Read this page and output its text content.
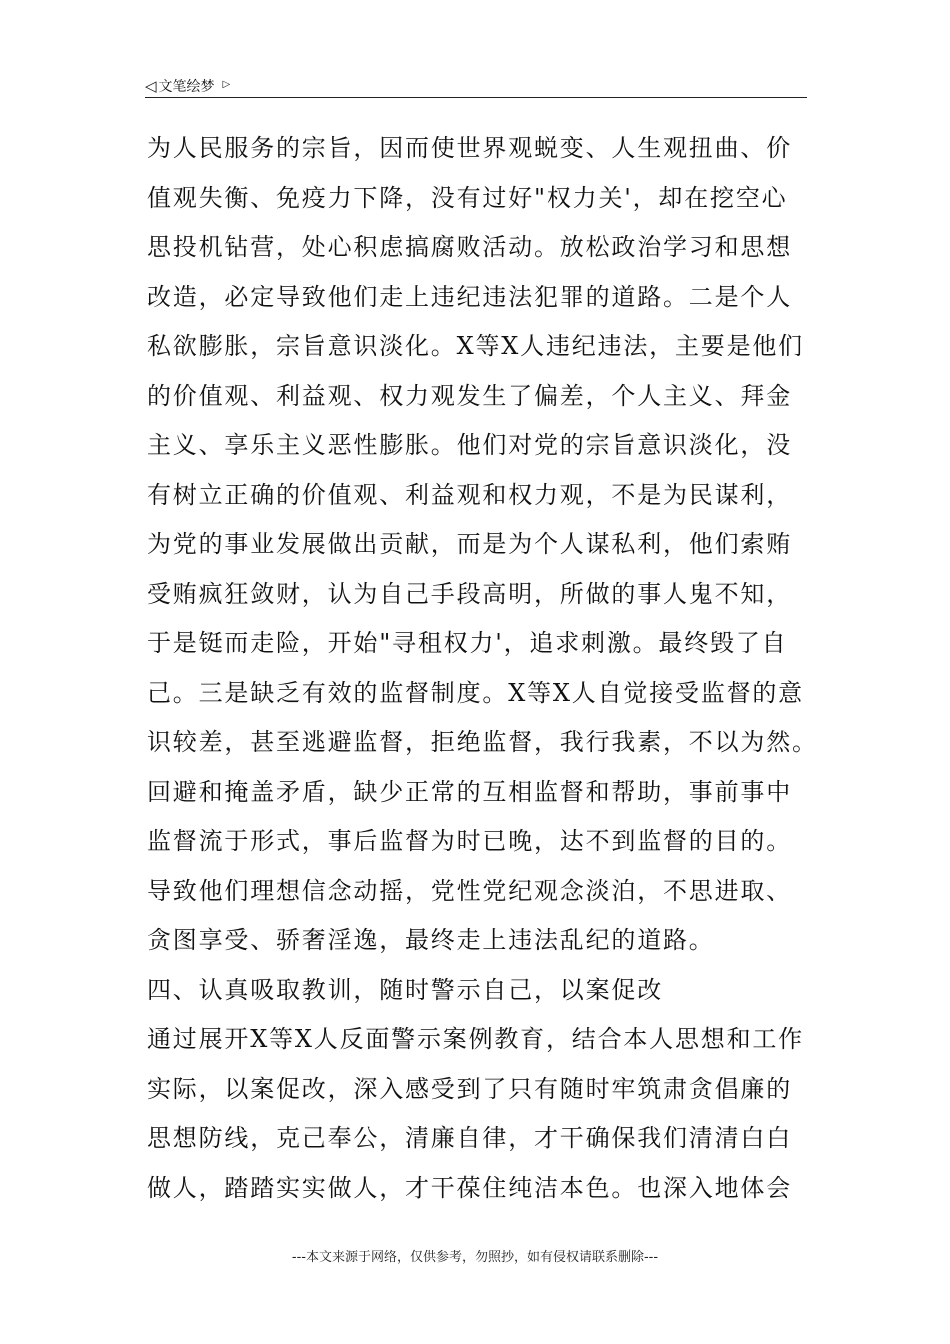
◁ 文笔绘梦 ▷
为人民服务的宗旨，因而使世界观蜕变、人生观扭曲、价
值观失衡、免疫力下降，没有过好"权力关'，却在挖空心
思投机钻营，处心积虑搞腐败活动。放松政治学习和思想
改造，必定导致他们走上违纪违法犯罪的道路。二是个人
私欲膨胀，宗旨意识淡化。X等X人违纪违法，主要是他们
的价值观、利益观、权力观发生了偏差，个人主义、拜金
主义、享乐主义恶性膨胀。他们对党的宗旨意识淡化，没
有树立正确的价值观、利益观和权力观，不是为民谋利，
为党的事业发展做出贡献，而是为个人谋私利，他们索贿
受贿疯狂敛财，认为自己手段高明，所做的事人鬼不知，
于是铤而走险，开始"寻租权力'，追求刺激。最终毁了自
己。三是缺乏有效的监督制度。X等X人自觉接受监督的意
识较差，甚至逃避监督，拒绝监督，我行我素，不以为然。
回避和掩盖矛盾，缺少正常的互相监督和帮助，事前事中
监督流于形式，事后监督为时已晚，达不到监督的目的。
导致他们理想信念动摇，党性党纪观念淡泊，不思进取、
贪图享受、骄奢淫逸，最终走上违法乱纪的道路。
四、认真吸取教训，随时警示自己，以案促改
通过展开X等X人反面警示案例教育，结合本人思想和工作
实际，以案促改，深入感受到了只有随时牢筑肃贪倡廉的
思想防线，克己奉公，清廉自律，才干确保我们清清白白
做人，踏踏实实做人，才干葆住纯洁本色。也深入地体会
---本文来源于网络，仅供参考，勿照抄，如有侵权请联系删除---
